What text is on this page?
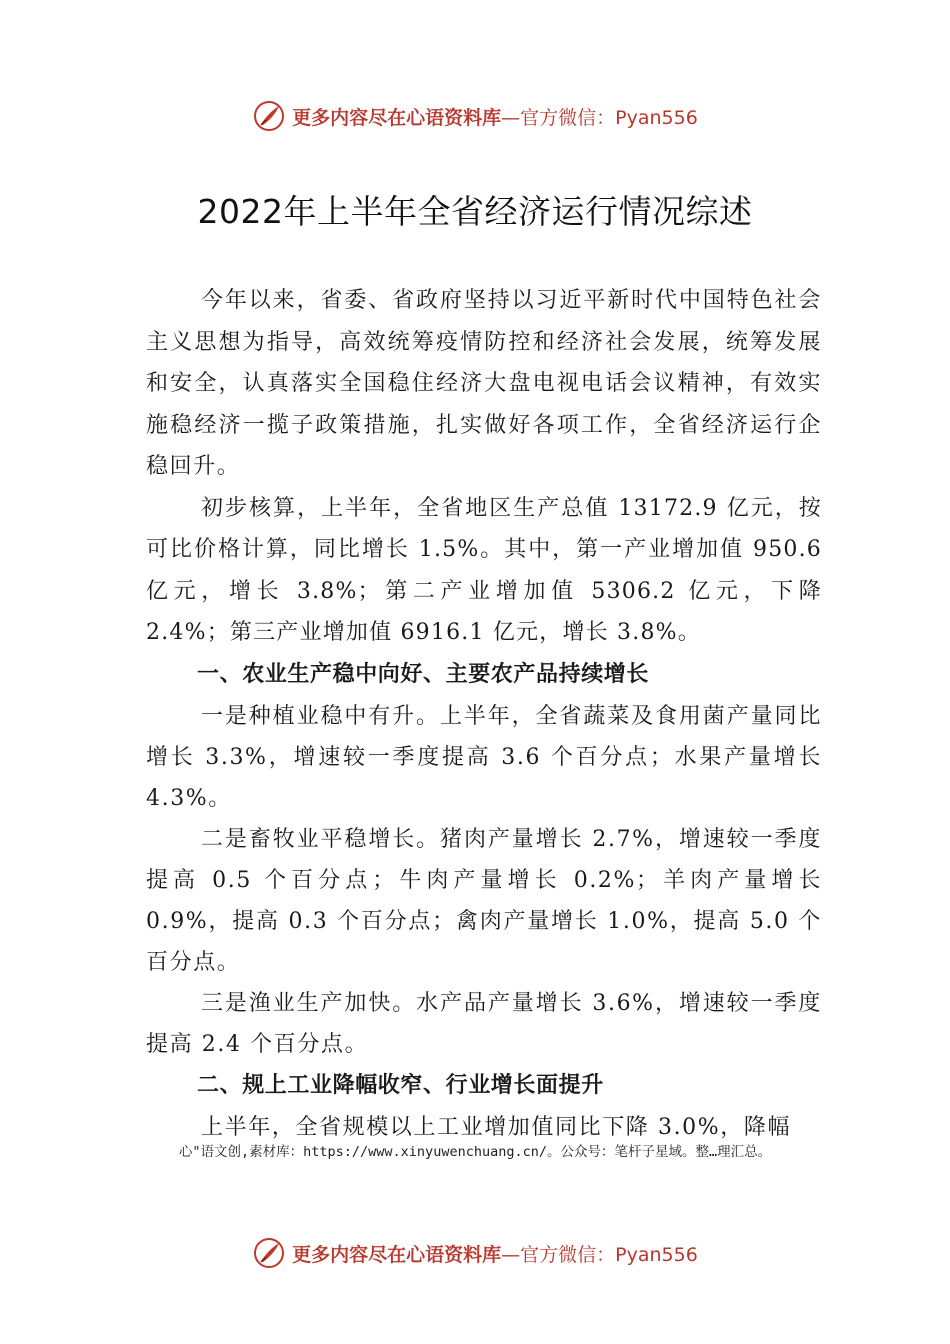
更多内容尽在心语资料库 —官方微信：Pyan556
2022年上半年全省经济运行情况综述

今年以来，省委、省政府坚持以习近平新时代中国特色社会主义思想为指导，高效统筹疫情防控和经济社会发展，统筹发展和安全，认真落实全国稳住经济大盘电视电话会议精神，有效实施稳经济一揽子政策措施，扎实做好各项工作，全省经济运行企稳回升。

初步核算，上半年，全省地区生产总值 13172.9 亿元，按可比价格计算，同比增长 1.5%。其中，第一产业增加值 950.6 亿元，增长 3.8%；第二产业增加值 5306.2 亿元，下降 2.4%；第三产业增加值 6916.1 亿元，增长 3.8%。

一、农业生产稳中向好、主要农产品持续增长

一是种植业稳中有升。上半年，全省蔬菜及食用菌产量同比增长 3.3%，增速较一季度提高 3.6 个百分点；水果产量增长 4.3%。

二是畜牧业平稳增长。猪肉产量增长 2.7%，增速较一季度提高 0.5 个百分点；牛肉产量增长 0.2%；羊肉产量增长 0.9%，提高 0.3 个百分点；禽肉产量增长 1.0%，提高 5.0 个百分点。

三是渔业生产加快。水产品产量增长 3.6%，增速较一季度提高 2.4 个百分点。

二、规上工业降幅收窄、行业增长面提升

上半年，全省规模以上工业增加值同比下降 3.0%，降幅

心"语文创,素材库：https://www.xinyuwenchuang.cn/。公众号：笔杆子星域。整…理汇总。
更多内容尽在心语资料库 —官方微信：Pyan556
